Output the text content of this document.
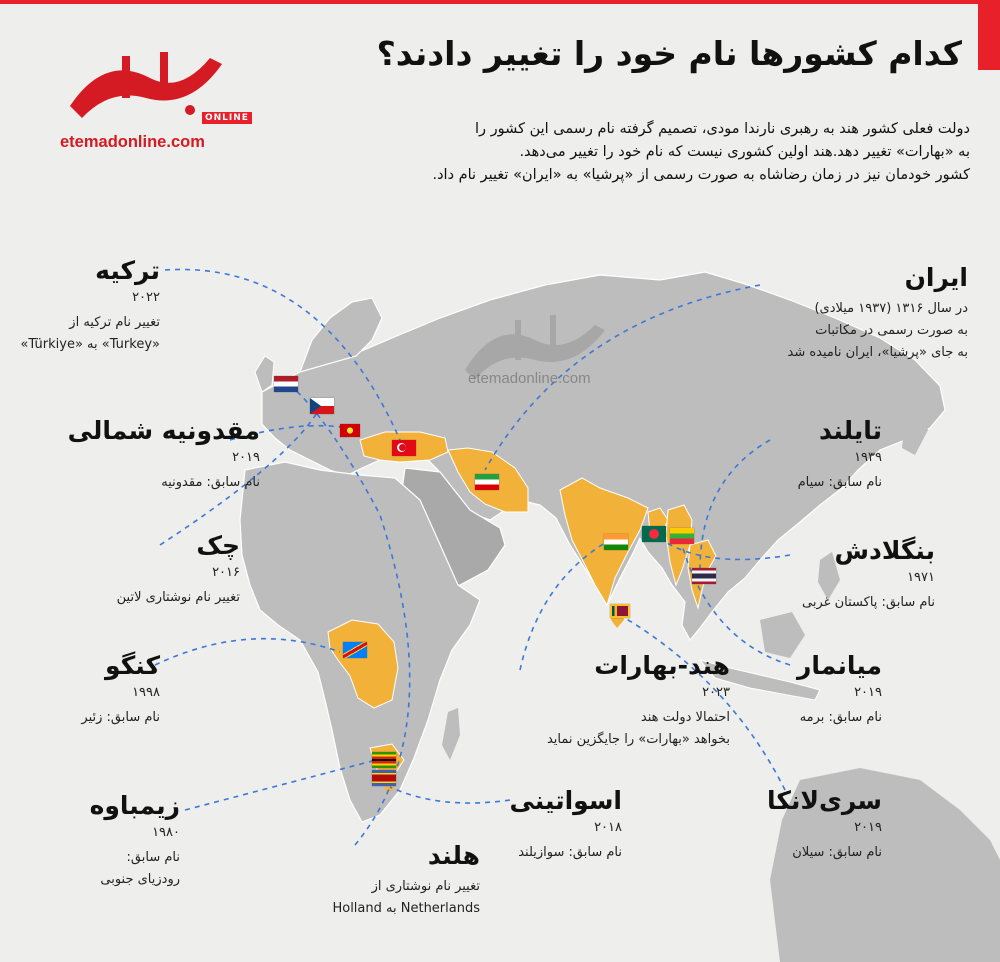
etemadonline.com
ONLINE
etemadonline.com
کدام کشورها نام خود را تغییر دادند؟

دولت فعلی کشور هند به رهبری نارندا مودی، تصمیم گرفته نام رسمی این کشور را

به «بهارات» تغییر دهد.هند اولین کشوری نیست که نام خود را تغییر می‌دهد.

کشور خودمان نیز در زمان رضاشاه به صورت رسمی از «پرشیا» به «ایران» تغییر نام داد.

ترکیه
۲۰۲۲
تغییر نام ترکیه از
«Turkey» به «Türkiye»
مقدونیه شمالی
۲۰۱۹
نام سابق: مقدونیه
چک
۲۰۱۶
تغییر نام نوشتاری لاتین
کنگو
۱۹۹۸
نام سابق: زئیر
زیمباوه
۱۹۸۰
نام سابق:
رودزیای جنوبی
هلند
تغییر نام نوشتاری از
Netherlands به Holland
اسواتینی
۲۰۱۸
نام سابق: سوازیلند
هند-بهارات
۲۰۲۳
احتمالا دولت هند
بخواهد «بهارات» را جایگزین نماید
ایران
در سال ۱۳۱۶ (۱۹۳۷ میلادی)
به صورت رسمی در مکاتبات
به جای «پرشیا»، ایران نامیده شد
تایلند
۱۹۳۹
نام سابق: سیام
بنگلادش
۱۹۷۱
نام سابق: پاکستان غربی
میانمار
۲۰۱۹
نام سابق: برمه
سری‌لانکا
۲۰۱۹
نام سابق: سیلان
